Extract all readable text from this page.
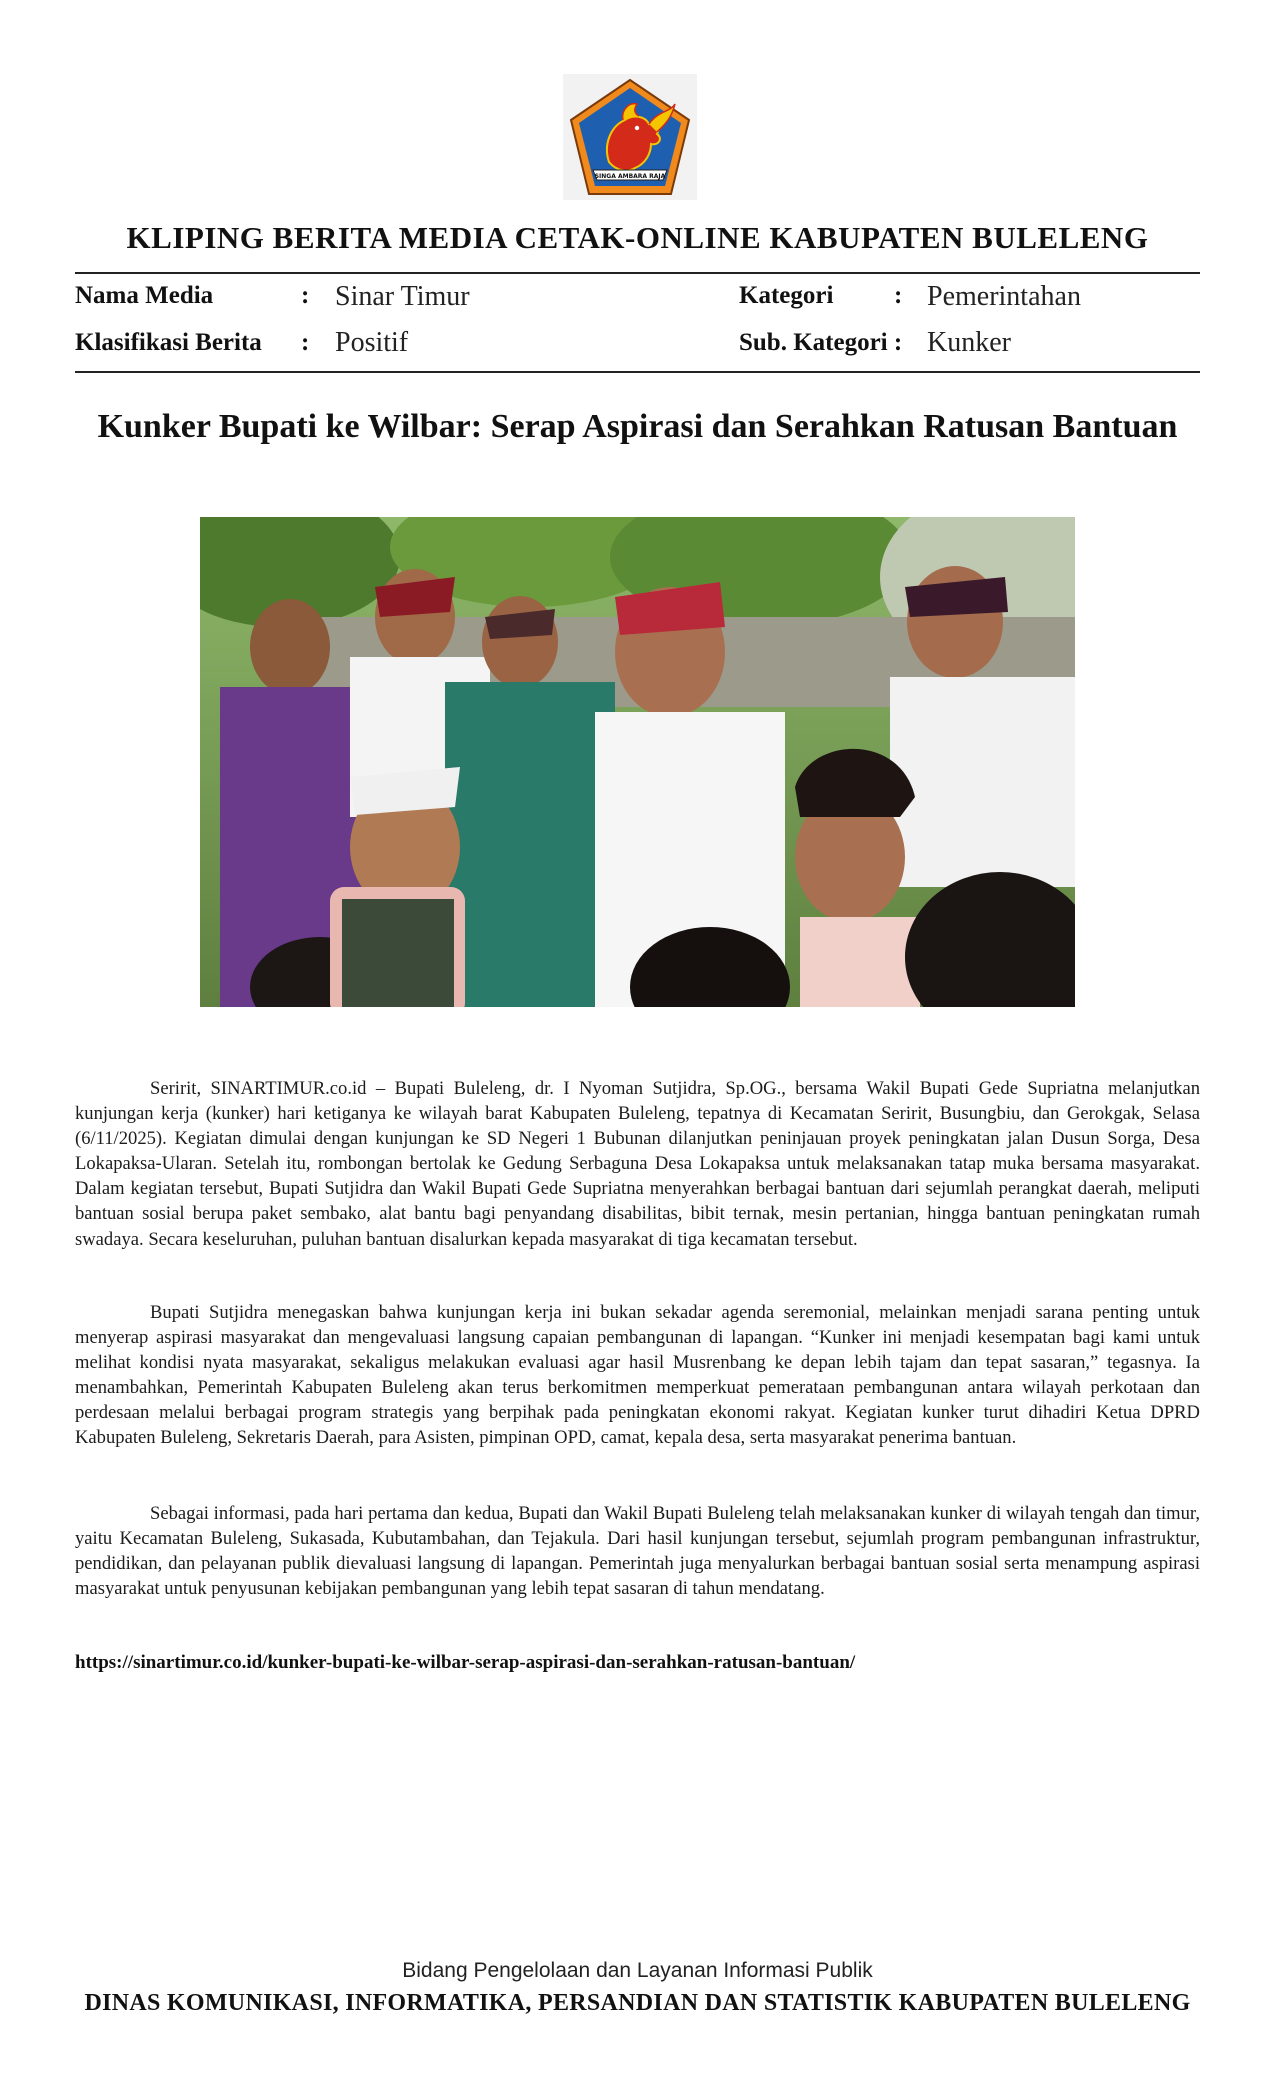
SINGA AMBARA RAJA
KLIPING BERITA MEDIA CETAK-ONLINE KABUPATEN BULELENG
Nama Media	: Sinar Timur	Kategori : Pemerintahan
Klasifikasi Berita : Positif	Sub. Kategori : Kunker
Kunker Bupati ke Wilbar: Serap Aspirasi dan Serahkan Ratusan Bantuan

Seririt, SINARTIMUR.co.id – Bupati Buleleng, dr. I Nyoman Sutjidra, Sp.OG., bersama Wakil Bupati Gede Supriatna melanjutkan kunjungan kerja (kunker) hari ketiganya ke wilayah barat Kabupaten Buleleng, tepatnya di Kecamatan Seririt, Busungbiu, dan Gerokgak, Selasa (6/11/2025). Kegiatan dimulai dengan kunjungan ke SD Negeri 1 Bubunan dilanjutkan peninjauan proyek peningkatan jalan Dusun Sorga, Desa Lokapaksa-Ularan. Setelah itu, rombongan bertolak ke Gedung Serbaguna Desa Lokapaksa untuk melaksanakan tatap muka bersama masyarakat. Dalam kegiatan tersebut, Bupati Sutjidra dan Wakil Bupati Gede Supriatna menyerahkan berbagai bantuan dari sejumlah perangkat daerah, meliputi bantuan sosial berupa paket sembako, alat bantu bagi penyandang disabilitas, bibit ternak, mesin pertanian, hingga bantuan peningkatan rumah swadaya. Secara keseluruhan, puluhan bantuan disalurkan kepada masyarakat di tiga kecamatan tersebut.

Bupati Sutjidra menegaskan bahwa kunjungan kerja ini bukan sekadar agenda seremonial, melainkan menjadi sarana penting untuk menyerap aspirasi masyarakat dan mengevaluasi langsung capaian pembangunan di lapangan. “Kunker ini menjadi kesempatan bagi kami untuk melihat kondisi nyata masyarakat, sekaligus melakukan evaluasi agar hasil Musrenbang ke depan lebih tajam dan tepat sasaran,” tegasnya. Ia menambahkan, Pemerintah Kabupaten Buleleng akan terus berkomitmen memperkuat pemerataan pembangunan antara wilayah perkotaan dan perdesaan melalui berbagai program strategis yang berpihak pada peningkatan ekonomi rakyat. Kegiatan kunker turut dihadiri Ketua DPRD Kabupaten Buleleng, Sekretaris Daerah, para Asisten, pimpinan OPD, camat, kepala desa, serta masyarakat penerima bantuan.

Sebagai informasi, pada hari pertama dan kedua, Bupati dan Wakil Bupati Buleleng telah melaksanakan kunker di wilayah tengah dan timur, yaitu Kecamatan Buleleng, Sukasada, Kubutambahan, dan Tejakula. Dari hasil kunjungan tersebut, sejumlah program pembangunan infrastruktur, pendidikan, dan pelayanan publik dievaluasi langsung di lapangan. Pemerintah juga menyalurkan berbagai bantuan sosial serta menampung aspirasi masyarakat untuk penyusunan kebijakan pembangunan yang lebih tepat sasaran di tahun mendatang.

https://sinartimur.co.id/kunker-bupati-ke-wilbar-serap-aspirasi-dan-serahkan-ratusan-bantuan/
Bidang Pengelolaan dan Layanan Informasi Publik
DINAS KOMUNIKASI, INFORMATIKA, PERSANDIAN DAN STATISTIK KABUPATEN BULELENG
